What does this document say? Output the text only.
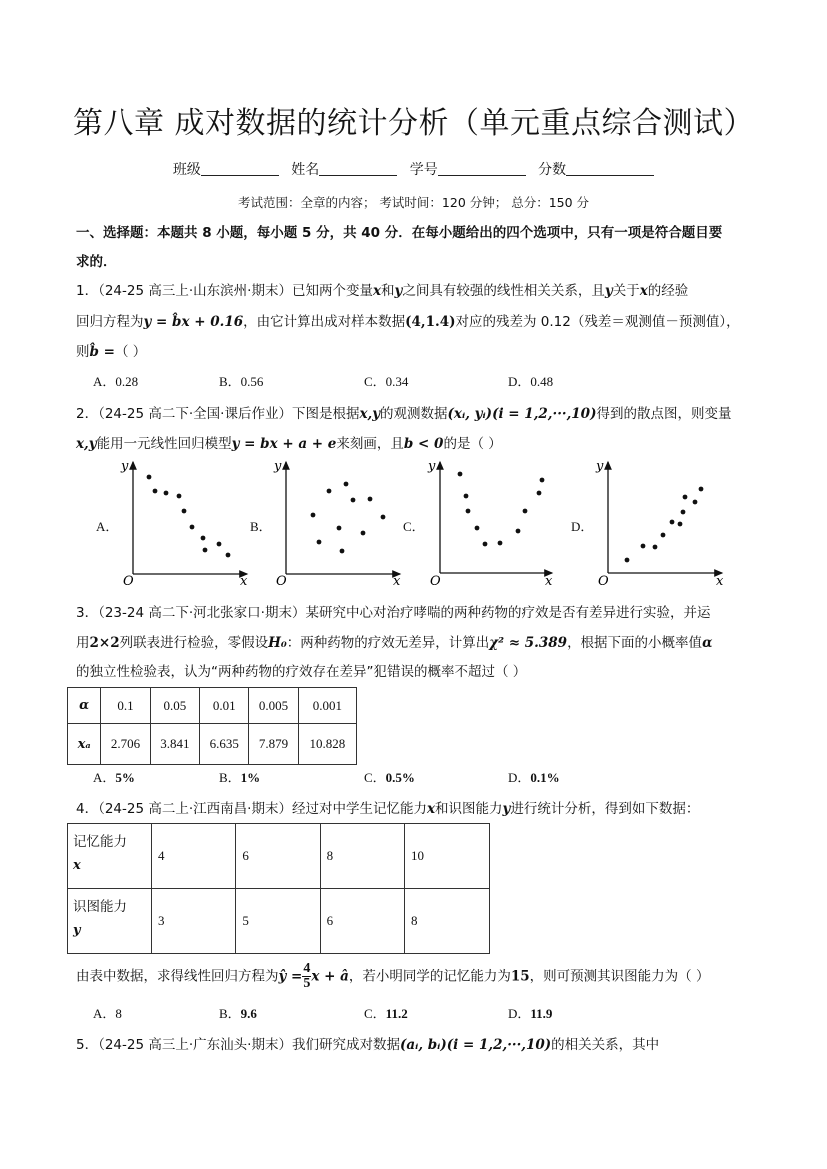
第八章 成对数据的统计分析（单元重点综合测试）
班级	姓名	学号	分数
考试范围：全章的内容； 考试时间：120 分钟； 总分：150 分
一、选择题：本题共 8 小题，每小题 5 分，共 40 分．在每小题给出的四个选项中，只有一项是符合题目要
求的．
1．（24-25 高三上·山东滨州·期末）已知两个变量x和y之间具有较强的线性相关关系，且y关于x的经验
回归方程为y = b̂x + 0.16，由它计算出成对样本数据(4,1.4)对应的残差为 0.12（残差＝观测值－预测值），
则b̂ =（ ）
A．0.28	B．0.56	C．0.34	D．0.48
2．（24-25 高二下·全国·课后作业）下图是根据x,y的观测数据(xᵢ, yᵢ)(i = 1,2,···,10)得到的散点图，则变量
x,y能用一元线性回归模型y = bx + a + e来刻画，且b < 0的是（ ）
A．	B．	C．	D．
y
O	x
y
O	x
y
O	x
y
O	x
3．（23-24 高二下·河北张家口·期末）某研究中心对治疗哮喘的两种药物的疗效是否有差异进行实验，并运
用2×2列联表进行检验，零假设H₀：两种药物的疗效无差异，计算出χ² ≈ 5.389，根据下面的小概率值α
的独立性检验表，认为“两种药物的疗效存在差异”犯错误的概率不超过（ ）
α	0.1	0.05	0.01	0.005	0.001
xₐ	2.706	3.841	6.635	7.879	10.828
A．5%	B．1%	C．0.5%	D．0.1%
4．（24-25 高二上·江西南昌·期末）经过对中学生记忆能力x和识图能力y进行统计分析，得到如下数据：
记忆能力
x	4	6	8	10

识图能力
y	3	5	6	8
由表中数据，求得线性回归方程为ŷ = $\frac{4}{5}$ x + â，若小明同学的记忆能力为15，则可预测其识图能力为（ ）
A．8	B．9.6	C．11.2	D．11.9
5．（24-25 高三上·广东汕头·期末）我们研究成对数据(aᵢ, bᵢ)(i = 1,2,···,10)的相关关系，其中
